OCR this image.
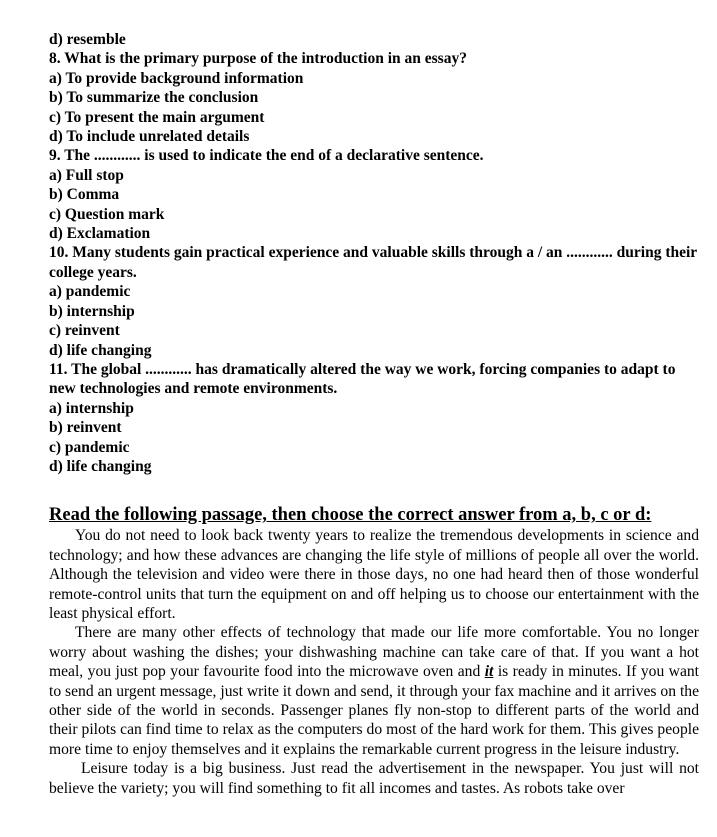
d) resemble
8. What is the primary purpose of the introduction in an essay?
a) To provide background information
b) To summarize the conclusion
c) To present the main argument
d) To include unrelated details
9. The ............ is used to indicate the end of a declarative sentence.
a) Full stop
b) Comma
c) Question mark
d) Exclamation
10. Many students gain practical experience and valuable skills through a / an ............ during their college years.
a) pandemic
b) internship
c) reinvent
d) life changing
11. The global ............ has dramatically altered the way we work, forcing companies to adapt to new technologies and remote environments.
a) internship
b) reinvent
c) pandemic
d) life changing
Read the following passage, then choose the correct answer from a, b, c or d:

You do not need to look back twenty years to realize the tremendous developments in science and technology; and how these advances are changing the life style of millions of people all over the world. Although the television and video were there in those days, no one had heard then of those wonderful remote-control units that turn the equipment on and off helping us to choose our entertainment with the least physical effort.

There are many other effects of technology that made our life more comfortable. You no longer worry about washing the dishes; your dishwashing machine can take care of that. If you want a hot meal, you just pop your favourite food into the microwave oven and it is ready in minutes. If you want to send an urgent message, just write it down and send, it through your fax machine and it arrives on the other side of the world in seconds. Passenger planes fly non-stop to different parts of the world and their pilots can find time to relax as the computers do most of the hard work for them. This gives people more time to enjoy themselves and it explains the remarkable current progress in the leisure industry.

Leisure today is a big business. Just read the advertisement in the newspaper. You just will not believe the variety; you will find something to fit all incomes and tastes. As robots take over
